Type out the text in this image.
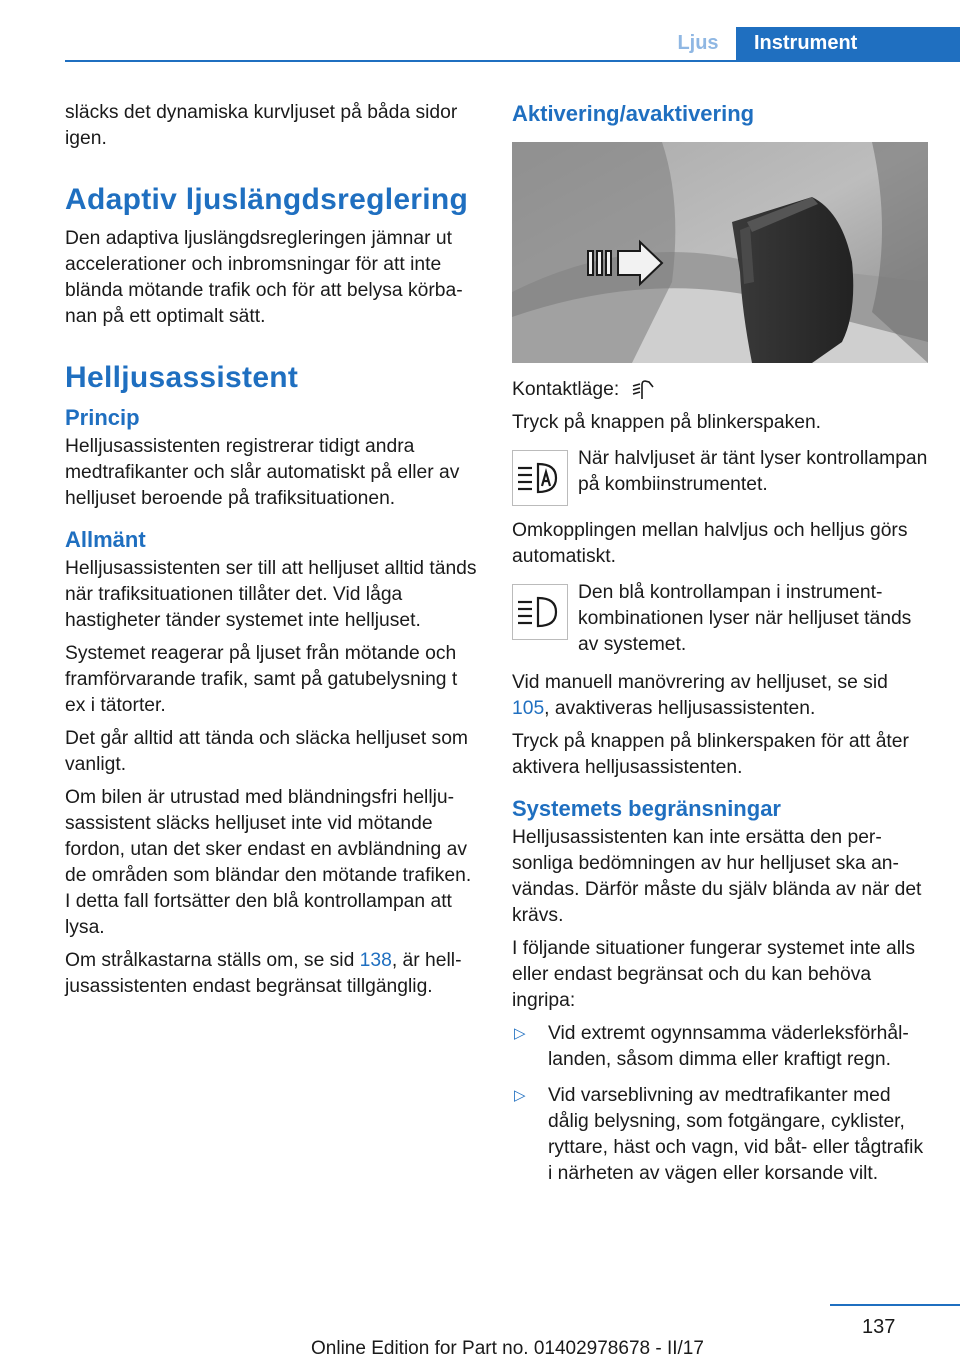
Ljus	Instrument

släcks det dynamiska kurvljuset på båda sidor igen.

Adaptiv ljuslängdsreglering

Den adaptiva ljuslängdsregleringen jämnar ut accelerationer och inbromsningar för att inte blända mötande trafik och för att belysa körbanan på ett optimalt sätt.

Helljusassistent
Princip

Helljusassistenten registrerar tidigt andra medtrafikanter och slår automatiskt på eller av helljuset beroende på trafiksituationen.

Allmänt

Helljusassistenten ser till att helljuset alltid tänds när trafiksituationen tillåter det. Vid låga hastigheter tänder systemet inte helljuset.

Systemet reagerar på ljuset från mötande och framförvarande trafik, samt på gatubelysning t ex i tätorter.

Det går alltid att tända och släcka helljuset som vanligt.

Om bilen är utrustad med bländningsfri helljusassistent släcks helljuset inte vid mötande fordon, utan det sker endast en avbländning av de områden som bländar den mötande trafiken. I detta fall fortsätter den blå kontrollampan att lysa.

Om strålkastarna ställs om, se sid 138, är helljusassistenten endast begränsat tillgänglig.

Aktivering/avaktivering

Kontaktläge:

Tryck på knappen på blinkerspaken.

När halvljuset är tänt lyser kontrollampan på kombiinstrumentet.

Omkopplingen mellan halvljus och helljus görs automatiskt.

Den blå kontrollampan i instrumentkombinationen lyser när helljuset tänds av systemet.

Vid manuell manövrering av helljuset, se sid 105, avaktiveras helljusassistenten.

Tryck på knappen på blinkerspaken för att åter aktivera helljusassistenten.

Systemets begränsningar

Helljusassistenten kan inte ersätta den personliga bedömningen av hur helljuset ska användas. Därför måste du själv blända av när det krävs.

I följande situationer fungerar systemet inte alls eller endast begränsat och du kan behöva ingripa:

▷	Vid extremt ogynnsamma väderleksförhållanden, såsom dimma eller kraftigt regn.
▷	Vid varseblivning av medtrafikanter med dålig belysning, som fotgängare, cyklister, ryttare, häst och vagn, vid båt- eller tågtrafik i närheten av vägen eller korsande vilt.
137
Online Edition for Part no. 01402978678 - II/17
